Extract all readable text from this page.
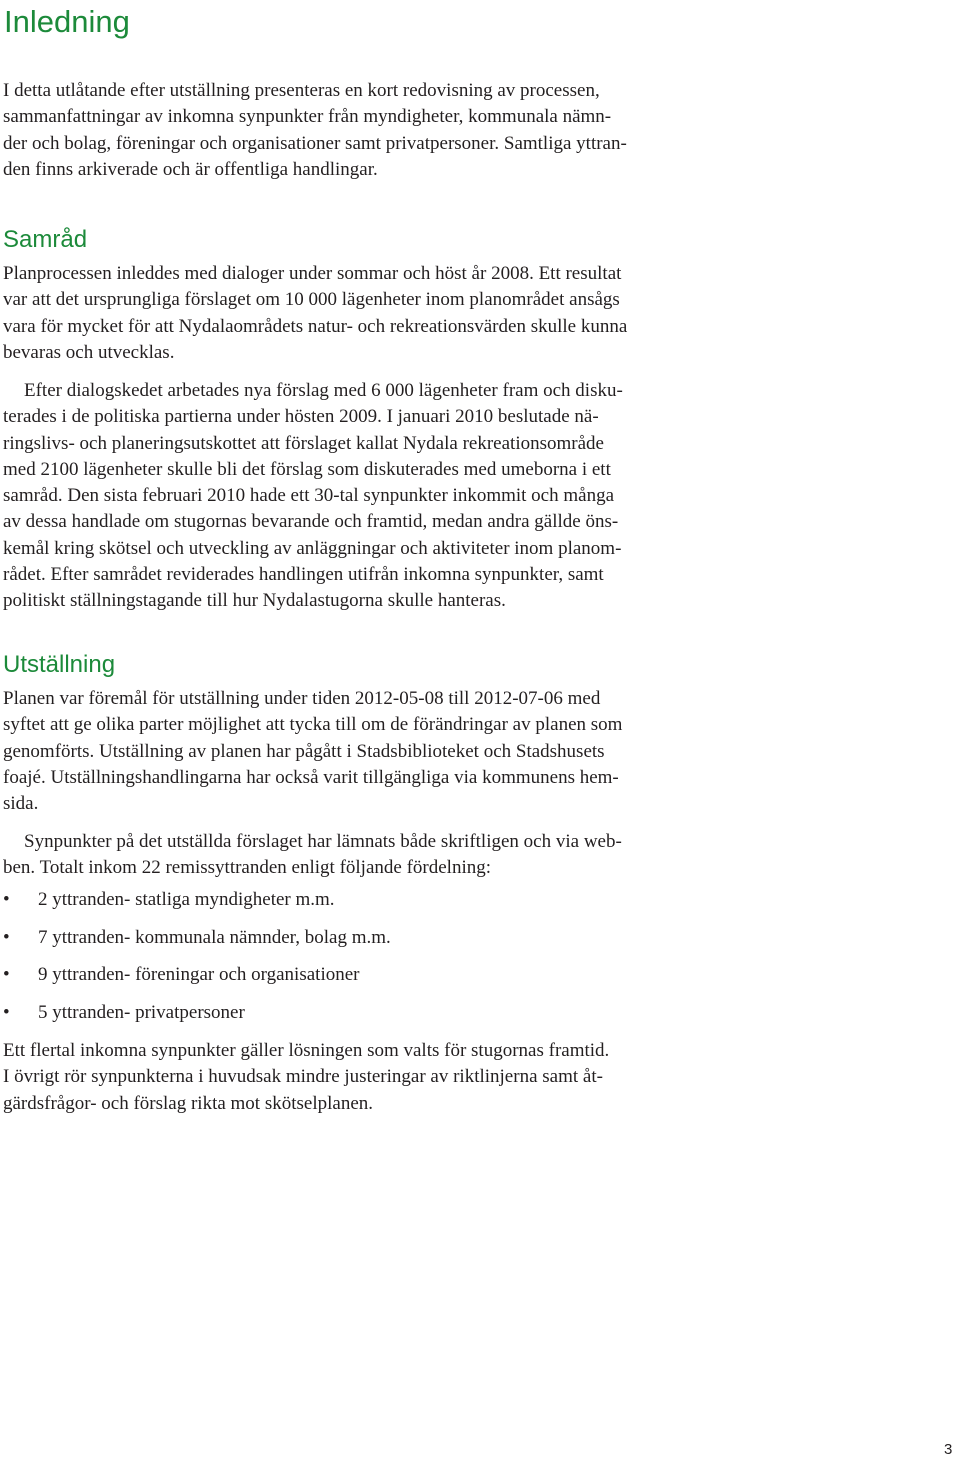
Inledning
I detta utlåtande efter utställning presenteras en kort redovisning av processen,
sammanfattningar av inkomna synpunkter från myndigheter, kommunala nämn-
der och bolag, föreningar och organisationer samt privatpersoner. Samtliga yttran-
den finns arkiverade och är offentliga handlingar.
Samråd
Planprocessen inleddes med dialoger under sommar och höst år 2008. Ett resultat
var att det ursprungliga förslaget om 10 000 lägenheter inom planområdet ansågs
vara för mycket för att Nydalaområdets natur- och rekreationsvärden skulle kunna
bevaras och utvecklas.
Efter dialogskedet arbetades nya förslag med 6 000 lägenheter fram och disku-
terades i de politiska partierna under hösten 2009. I januari 2010 beslutade nä-
ringslivs- och planeringsutskottet att förslaget kallat Nydala rekreationsområde
med 2100 lägenheter skulle bli det förslag som diskuterades med umeborna i ett
samråd. Den sista februari 2010 hade ett 30-tal synpunkter inkommit och många
av dessa handlade om stugornas bevarande och framtid, medan andra gällde öns-
kemål kring skötsel och utveckling av anläggningar och aktiviteter inom planom-
rådet. Efter samrådet reviderades handlingen utifrån inkomna synpunkter, samt
politiskt ställningstagande till hur Nydalastugorna skulle hanteras.
Utställning
Planen var föremål för utställning under tiden 2012-05-08 till 2012-07-06 med
syftet att ge olika parter möjlighet att tycka till om de förändringar av planen som
genomförts. Utställning av planen har pågått i Stadsbiblioteket och Stadshusets
foajé. Utställningshandlingarna har också varit tillgängliga via kommunens hem-
sida.
Synpunkter på det utställda förslaget har lämnats både skriftligen och via web-
ben. Totalt inkom 22 remissyttranden enligt följande fördelning:
• 2 yttranden- statliga myndigheter m.m.
• 7 yttranden- kommunala nämnder, bolag m.m.
• 9 yttranden- föreningar och organisationer
• 5 yttranden- privatpersoner
Ett flertal inkomna synpunkter gäller lösningen som valts för stugornas framtid.
I övrigt rör synpunkterna i huvudsak mindre justeringar av riktlinjerna samt åt-
gärdsfrågor- och förslag rikta mot skötselplanen.
3
